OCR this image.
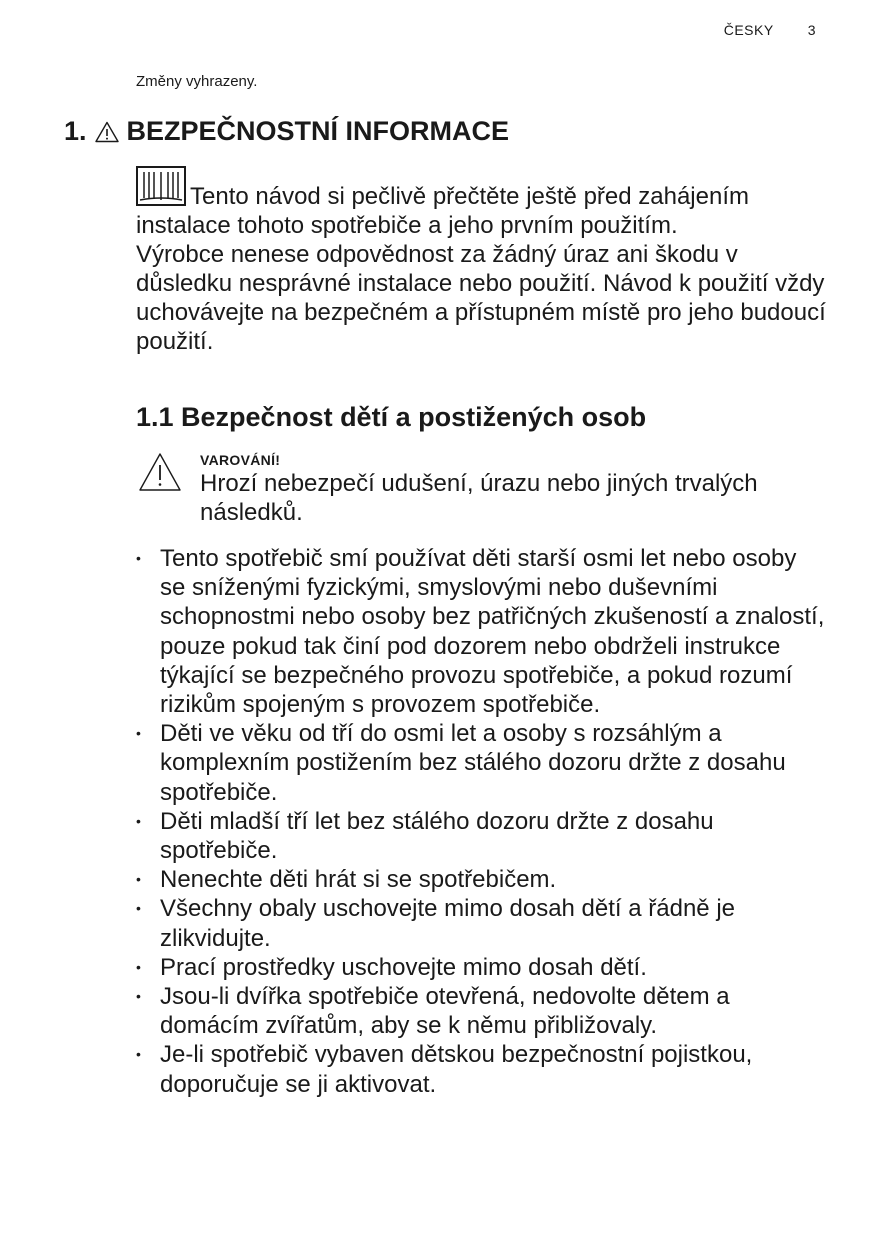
ČESKY 3
Změny vyhrazeny.
1. BEZPEČNOSTNÍ INFORMACE

Tento návod si pečlivě přečtěte ještě před zahájením instalace tohoto spotřebiče a jeho prvním použitím.

Výrobce nenese odpovědnost za žádný úraz ani škodu v důsledku nesprávné instalace nebo použití. Návod k použití vždy uchovávejte na bezpečném a přístupném místě pro jeho budoucí použití.

1.1 Bezpečnost dětí a postižených osob
VAROVÁNÍ!
Hrozí nebezpečí udušení, úrazu nebo jiných trvalých následků.
• Tento spotřebič smí používat děti starší osmi let nebo osoby se sníženými fyzickými, smyslovými nebo duševními schopnostmi nebo osoby bez patřičných zkušeností a znalostí, pouze pokud tak činí pod dozorem nebo obdrželi instrukce týkající se bezpečného provozu spotřebiče, a pokud rozumí rizikům spojeným s provozem spotřebiče.
• Děti ve věku od tří do osmi let a osoby s rozsáhlým a komplexním postižením bez stálého dozoru držte z dosahu spotřebiče.
• Děti mladší tří let bez stálého dozoru držte z dosahu spotřebiče.
• Nenechte děti hrát si se spotřebičem.
• Všechny obaly uschovejte mimo dosah dětí a řádně je zlikvidujte.
• Prací prostředky uschovejte mimo dosah dětí.
• Jsou-li dvířka spotřebiče otevřená, nedovolte dětem a domácím zvířatům, aby se k němu přibližovaly.
• Je-li spotřebič vybaven dětskou bezpečnostní pojistkou, doporučuje se ji aktivovat.
